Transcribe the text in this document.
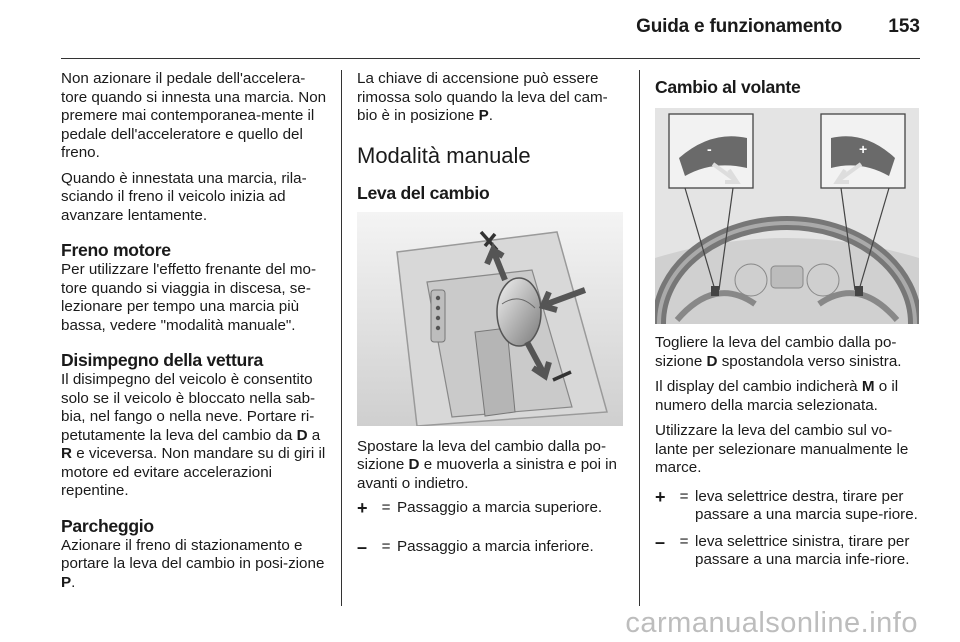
Guida e funzionamento 153

Non azionare il pedale dell'accelera-tore quando si innesta una marcia. Non premere mai contemporanea-mente il pedale dell'acceleratore e quello del freno.

Quando è innestata una marcia, rila-sciando il freno il veicolo inizia ad avanzare lentamente.

Freno motore

Per utilizzare l'effetto frenante del mo-tore quando si viaggia in discesa, se-lezionare per tempo una marcia più bassa, vedere "modalità manuale".

Disimpegno della vettura

Il disimpegno del veicolo è consentito solo se il veicolo è bloccato nella sab-bia, nel fango o nella neve. Portare ri-petutamente la leva del cambio da D a R e viceversa. Non mandare su di giri il motore ed evitare accelerazioni repentine.

Parcheggio

Azionare il freno di stazionamento e portare la leva del cambio in posi-zione P.

La chiave di accensione può essere rimossa solo quando la leva del cam-bio è in posizione P.

Modalità manuale
Leva del cambio

Spostare la leva del cambio dalla po-sizione D e muoverla a sinistra e poi in avanti o indietro.

+ = Passaggio a marcia superiore.
– = Passaggio a marcia inferiore.
Cambio al volante
-	+

Togliere la leva del cambio dalla po-sizione D spostandola verso sinistra.

Il display del cambio indicherà M o il numero della marcia selezionata.

Utilizzare la leva del cambio sul vo-lante per selezionare manualmente le marce.

+ = leva selettrice destra, tirare per passare a una marcia supe-riore.
– = leva selettrice sinistra, tirare per passare a una marcia infe-riore.
carmanualsonline.info
